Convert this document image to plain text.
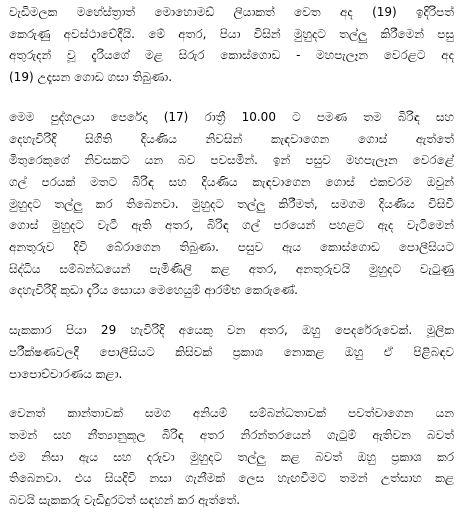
වැඩිමලක මහේස්ත්‍රාත් මොහොමඩ් ලියාකත් වෙත අද (19) ඉදිරිපත්
කෙරුණු අවස්ථාවේදීයි. මේ අතර, පියා විසින් මුහුදට තල්ලු කිරීමෙන් පසු
අතුරුදන් වූ දැරියගේ මළ සිරුර කොස්ගොඩ - මහපැලෑන වෙරළට අද
(19) උදෑසන ගොඩ ගසා තිබුණා.

මෙම පුද්ගලයා පෙරේදා (17) රාත්‍රී 10.00 ට පමණ තම බිරිඳ සහ
දෙහැවිරිදි සිගිති දියණිය නිවසින් කැඳවාගෙන ගොස් ඇත්තේ
මිතුරෙකුගේ නිවසකට යන බව පවසමින්. ඉන් පසුව මහපැලෑන වෙරළේ
ගල් පරයක් මතට බිරිඳ සහ දියණිය කැඳවාගෙන ගොස් එකවරම ඔවුන්
මුහුදට තල්ලු කර තිබෙනවා. මුහුදට තල්ලු කිරීමත්, සමගම දියණිය විසිවී
ගොස් මුහුදට වැටී ඇති අතර, බිරිඳ ගල් පරයෙන් පහළට ඇද වැටීමෙන්
අනතුරුව දිවි බේරාගෙන තිබුණා. පසුව ඇය කොස්ගොඩ පොලීසියට
සිද්ධිය සම්බන්ධයෙන් පැමිණිලි කළ අතර, අනතුරුවයි මුහුදට වැටුණු
දෙහැවිරිදි කුඩා දැරිය සොයා මෙහෙයුම් ආරම්භ කෙරුණේ.

සැකකාර පියා 29 හැවිරිදි අයෙකු වන අතර, ඔහු පෙදරේරුවෙක්. මූලික
පරීක්ෂණවලදී පොලීසියට කිසිවක් ප්‍රකාශ නොකළ ඔහු ඒ පිළිබඳව
පාපොච්චාරණය කළා.

වෙනත් කාන්තාවක් සමග අනියම් සම්බන්ධතාවක් පවත්වාගෙන යන
තමන් සහ නීත්‍යානුකූල බිරිඳ අතර නිරන්තරයෙන් ගැටුම් ඇතිවන බවත්
එම නිසා ඇය සහ දරුවා මුහුදට තල්ලු කළ බවත් ඔහු ප්‍රකාශ කර
තිබෙනවා. එය සියදිවි නසා ගැනීමක් ලෙස හැඟවීමට තමන් උත්සාහ කළ
බවයි සැකකරු වැඩිදුරටත් සඳහන් කර ඇත්තේ.
